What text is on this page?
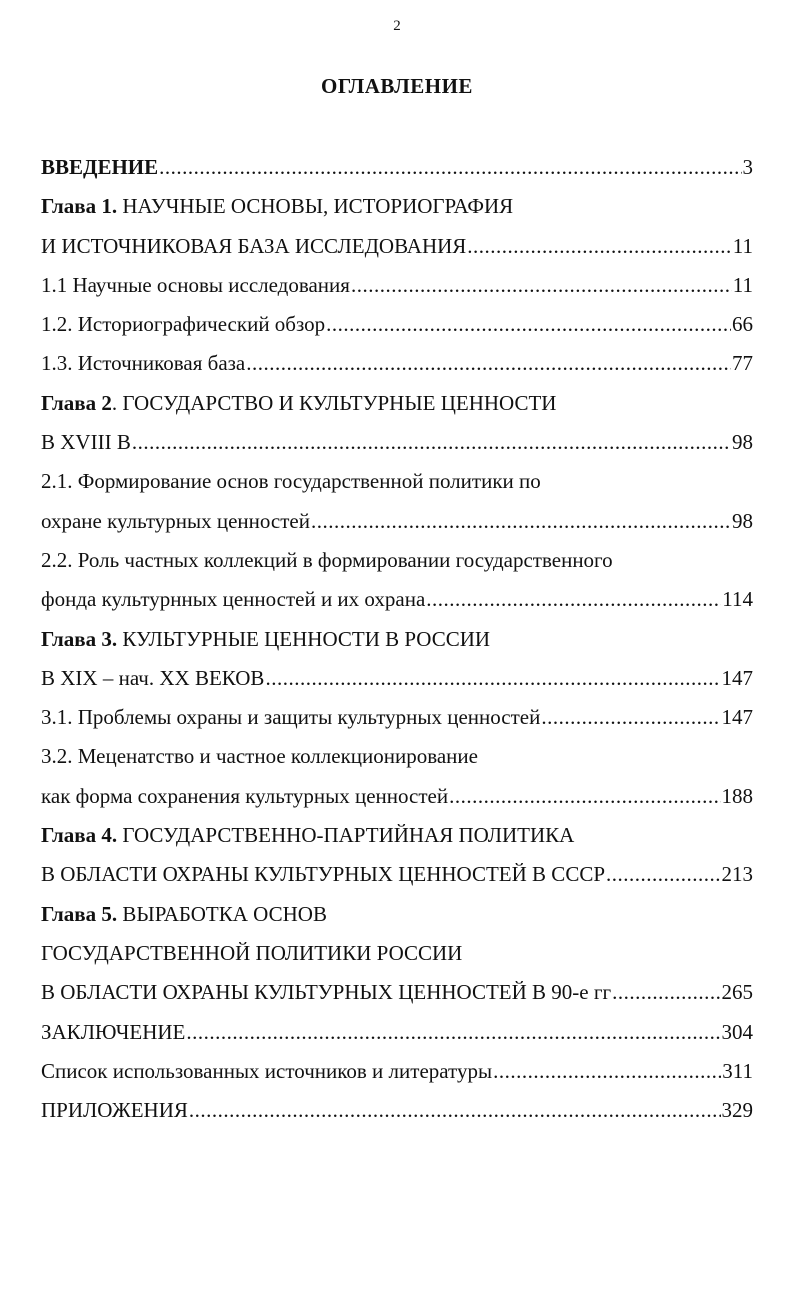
2
ОГЛАВЛЕНИЕ
ВВЕДЕНИЕ .....	3
Глава 1. НАУЧНЫЕ ОСНОВЫ, ИСТОРИОГРАФИЯ
И ИСТОЧНИКОВАЯ БАЗА ИССЛЕДОВАНИЯ .....	11
1.1 Научные основы исследования .....	11
1.2. Историографический обзор .....	66
1.3. Источниковая база .....	77
Глава 2. ГОСУДАРСТВО И КУЛЬТУРНЫЕ ЦЕННОСТИ
В XVIII В .....	98
2.1. Формирование основ государственной политики по
охране культурных ценностей .....	98
2.2. Роль частных коллекций в формировании государственного
фонда культурнных ценностей и их охрана .....	114
Глава 3. КУЛЬТУРНЫЕ ЦЕННОСТИ В РОССИИ
В XIX – нач. XX ВЕКОВ .....	147
3.1. Проблемы охраны и защиты культурных ценностей .....	147
3.2. Меценатство и частное коллекционирование
как форма сохранения культурных ценностей .....	188
Глава 4. ГОСУДАРСТВЕННО-ПАРТИЙНАЯ ПОЛИТИКА
В ОБЛАСТИ ОХРАНЫ КУЛЬТУРНЫХ ЦЕННОСТЕЙ В СССР .....	213
Глава 5. ВЫРАБОТКА ОСНОВ
ГОСУДАРСТВЕННОЙ ПОЛИТИКИ РОССИИ
В ОБЛАСТИ ОХРАНЫ КУЛЬТУРНЫХ ЦЕННОСТЕЙ В 90-е гг .....	265
ЗАКЛЮЧЕНИЕ .....	304
Список использованных источников и литературы .....	311
ПРИЛОЖЕНИЯ .....	329
